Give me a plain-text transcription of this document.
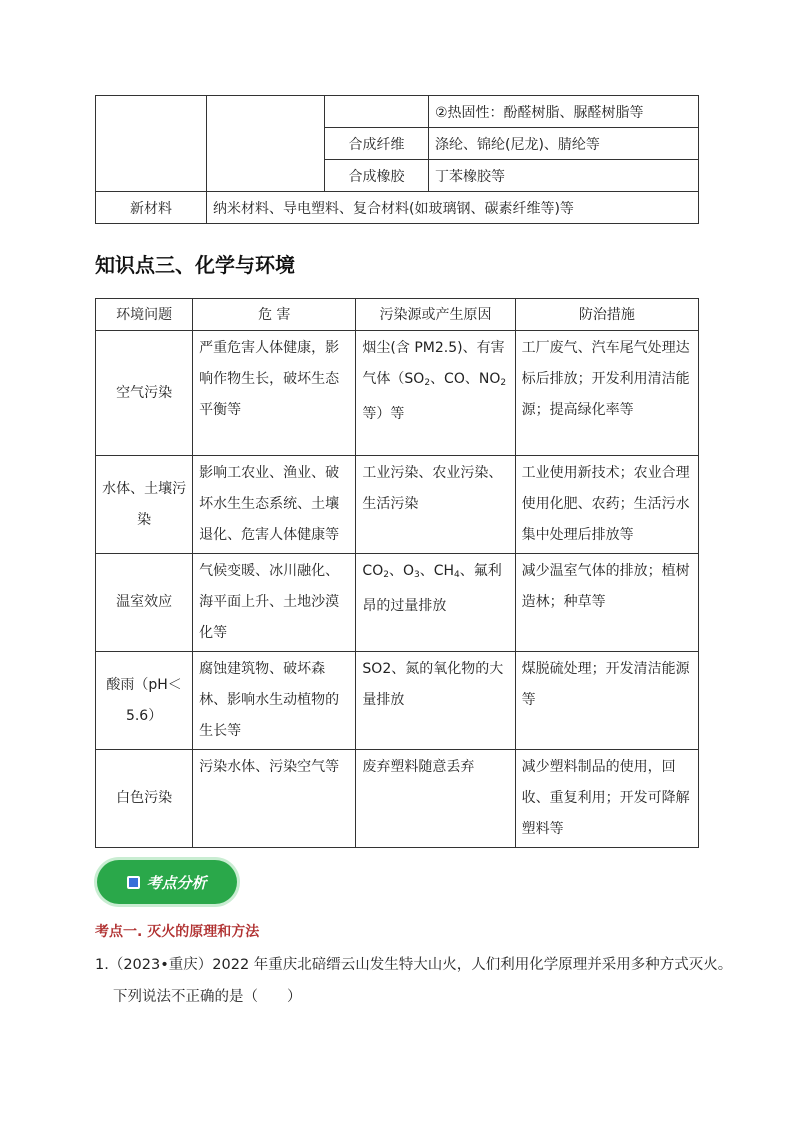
			②热固性：酚醛树脂、脲醛树脂等
		合成纤维	涤纶、锦纶(尼龙)、腈纶等
		合成橡胶	丁苯橡胶等
新材料	纳米材料、导电塑料、复合材料(如玻璃钢、碳素纤维等)等		
知识点三、化学与环境
环境问题	危 害	污染源或产生原因	防治措施
空气污染	严重危害人体健康，影响作物生长，破坏生态平衡等	烟尘(含 PM2.5)、有害气体（$SO_2$、CO、$NO_2$等）等	工厂废气、汽车尾气处理达标后排放；开发利用清洁能源；提高绿化率等
水体、土壤污染	影响工农业、渔业、破坏水生生态系统、土壤退化、危害人体健康等	工业污染、农业污染、生活污染	工业使用新技术；农业合理使用化肥、农药；生活污水集中处理后排放等
温室效应	气候变暖、冰川融化、海平面上升、土地沙漠化等	$CO_2$、$O_3$、$CH_4$、氟利昂的过量排放	减少温室气体的排放；植树造林；种草等
酸雨（pH＜5.6）	腐蚀建筑物、破坏森林、影响水生动植物的生长等	SO2、氮的氧化物的大量排放	煤脱硫处理；开发清洁能源等
白色污染	污染水体、污染空气等	废弃塑料随意丢弃	减少塑料制品的使用，回收、重复利用；开发可降解塑料等
考点分析
考点一. 灭火的原理和方法
1.（2023•重庆）2022 年重庆北碚缙云山发生特大山火，人们利用化学原理并采用多种方式灭火。
下列说法不正确的是（　　）
